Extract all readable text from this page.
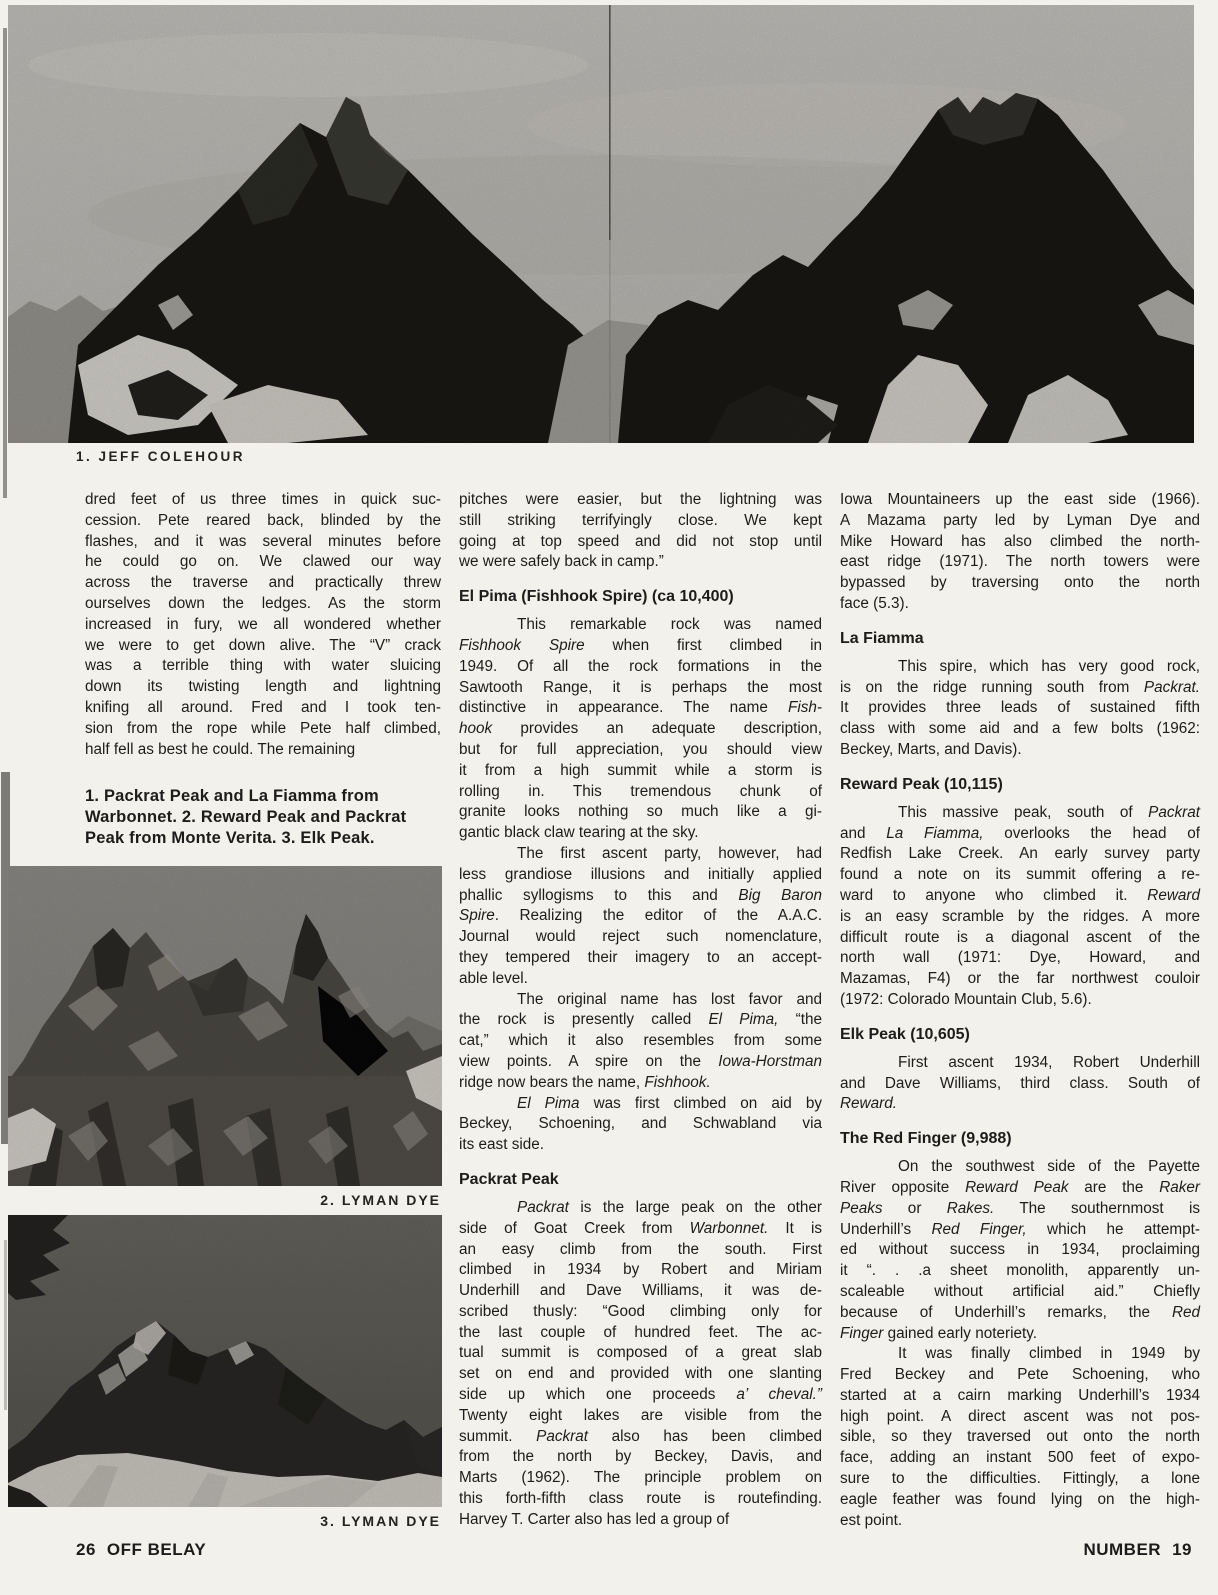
1. JEFF COLEHOUR
dred feet of us three times in quick suc-
cession. Pete reared back, blinded by the
flashes, and it was several minutes before
he could go on. We clawed our way
across the traverse and practically threw
ourselves down the ledges. As the storm
increased in fury, we all wondered whether
we were to get down alive. The “V” crack
was a terrible thing with water sluicing
down its twisting length and lightning
knifing all around. Fred and I took ten-
sion from the rope while Pete half climbed,
half fell as best he could. The remaining
1. Packrat Peak and La Fiamma from
Warbonnet. 2. Reward Peak and Packrat
Peak from Monte Verita. 3. Elk Peak.
2. LYMAN DYE
3. LYMAN DYE
pitches were easier, but the lightning was
still striking terrifyingly close. We kept
going at top speed and did not stop until
we were safely back in camp.”
El Pima (Fishhook Spire) (ca 10,400)
This remarkable rock was named
Fishhook Spire when first climbed in
1949. Of all the rock formations in the
Sawtooth Range, it is perhaps the most
distinctive in appearance. The name Fish-
hook provides an adequate description,
but for full appreciation, you should view
it from a high summit while a storm is
rolling in. This tremendous chunk of
granite looks nothing so much like a gi-
gantic black claw tearing at the sky.
The first ascent party, however, had
less grandiose illusions and initially applied
phallic syllogisms to this and Big Baron
Spire. Realizing the editor of the A.A.C.
Journal would reject such nomenclature,
they tempered their imagery to an accept-
able level.
The original name has lost favor and
the rock is presently called El Pima, “the
cat,” which it also resembles from some
view points. A spire on the Iowa-Horstman
ridge now bears the name, Fishhook.
El Pima was first climbed on aid by
Beckey, Schoening, and Schwabland via
its east side.
Packrat Peak
Packrat is the large peak on the other
side of Goat Creek from Warbonnet. It is
an easy climb from the south. First
climbed in 1934 by Robert and Miriam
Underhill and Dave Williams, it was de-
scribed thusly: “Good climbing only for
the last couple of hundred feet. The ac-
tual summit is composed of a great slab
set on end and provided with one slanting
side up which one proceeds a’ cheval.”
Twenty eight lakes are visible from the
summit. Packrat also has been climbed
from the north by Beckey, Davis, and
Marts (1962). The principle problem on
this forth-fifth class route is routefinding.
Harvey T. Carter also has led a group of
Iowa Mountaineers up the east side (1966).
A Mazama party led by Lyman Dye and
Mike Howard has also climbed the north-
east ridge (1971). The north towers were
bypassed by traversing onto the north
face (5.3).
La Fiamma
This spire, which has very good rock,
is on the ridge running south from Packrat.
It provides three leads of sustained fifth
class with some aid and a few bolts (1962:
Beckey, Marts, and Davis).
Reward Peak (10,115)
This massive peak, south of Packrat
and La Fiamma, overlooks the head of
Redfish Lake Creek. An early survey party
found a note on its summit offering a re-
ward to anyone who climbed it. Reward
is an easy scramble by the ridges. A more
difficult route is a diagonal ascent of the
north wall (1971: Dye, Howard, and
Mazamas, F4) or the far northwest couloir
(1972: Colorado Mountain Club, 5.6).
Elk Peak (10,605)
First ascent 1934, Robert Underhill
and Dave Williams, third class. South of
Reward.
The Red Finger (9,988)
On the southwest side of the Payette
River opposite Reward Peak are the Raker
Peaks or Rakes. The southernmost is
Underhill’s Red Finger, which he attempt-
ed without success in 1934, proclaiming
it “. . .a sheet monolith, apparently un-
scaleable without artificial aid.” Chiefly
because of Underhill’s remarks, the Red
Finger gained early noteriety.
It was finally climbed in 1949 by
Fred Beckey and Pete Schoening, who
started at a cairn marking Underhill’s 1934
high point. A direct ascent was not pos-
sible, so they traversed out onto the north
face, adding an instant 500 feet of expo-
sure to the difficulties. Fittingly, a lone
eagle feather was found lying on the high-
est point.
26 OFF BELAY	NUMBER 19
